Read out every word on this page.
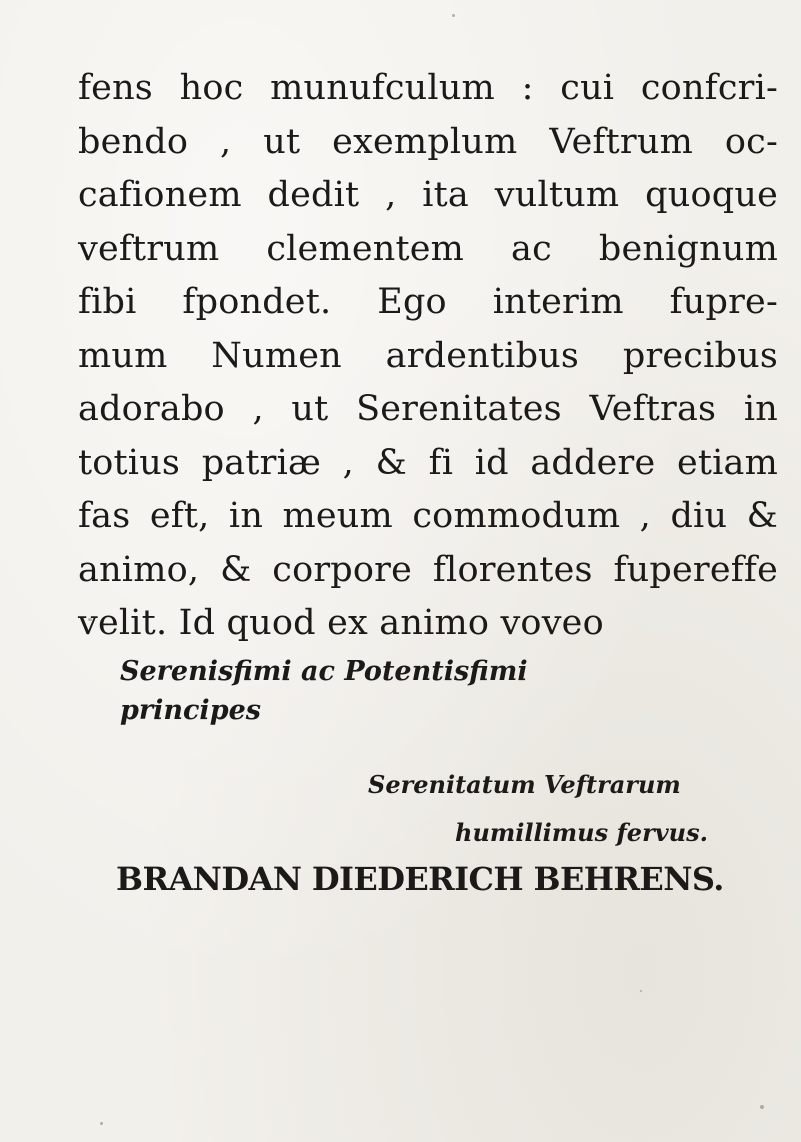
fens hoc munufculum : cui confcri-
bendo , ut exemplum Veftrum oc-
cafionem dedit , ita vultum quoque
veftrum clementem ac benignum
fibi fpondet. Ego interim fupre-
mum Numen ardentibus precibus
adorabo , ut Serenitates Veftras in
totius patriæ , & fi id addere etiam
fas eft, in meum commodum , diu &
animo, & corpore florentes fupereffe
velit. Id quod ex animo voveo
Serenisfimi ac Potentisfimi
principes
Serenitatum Veftrarum
humillimus fervus.
BRANDAN DIEDERICH BEHRENS.
